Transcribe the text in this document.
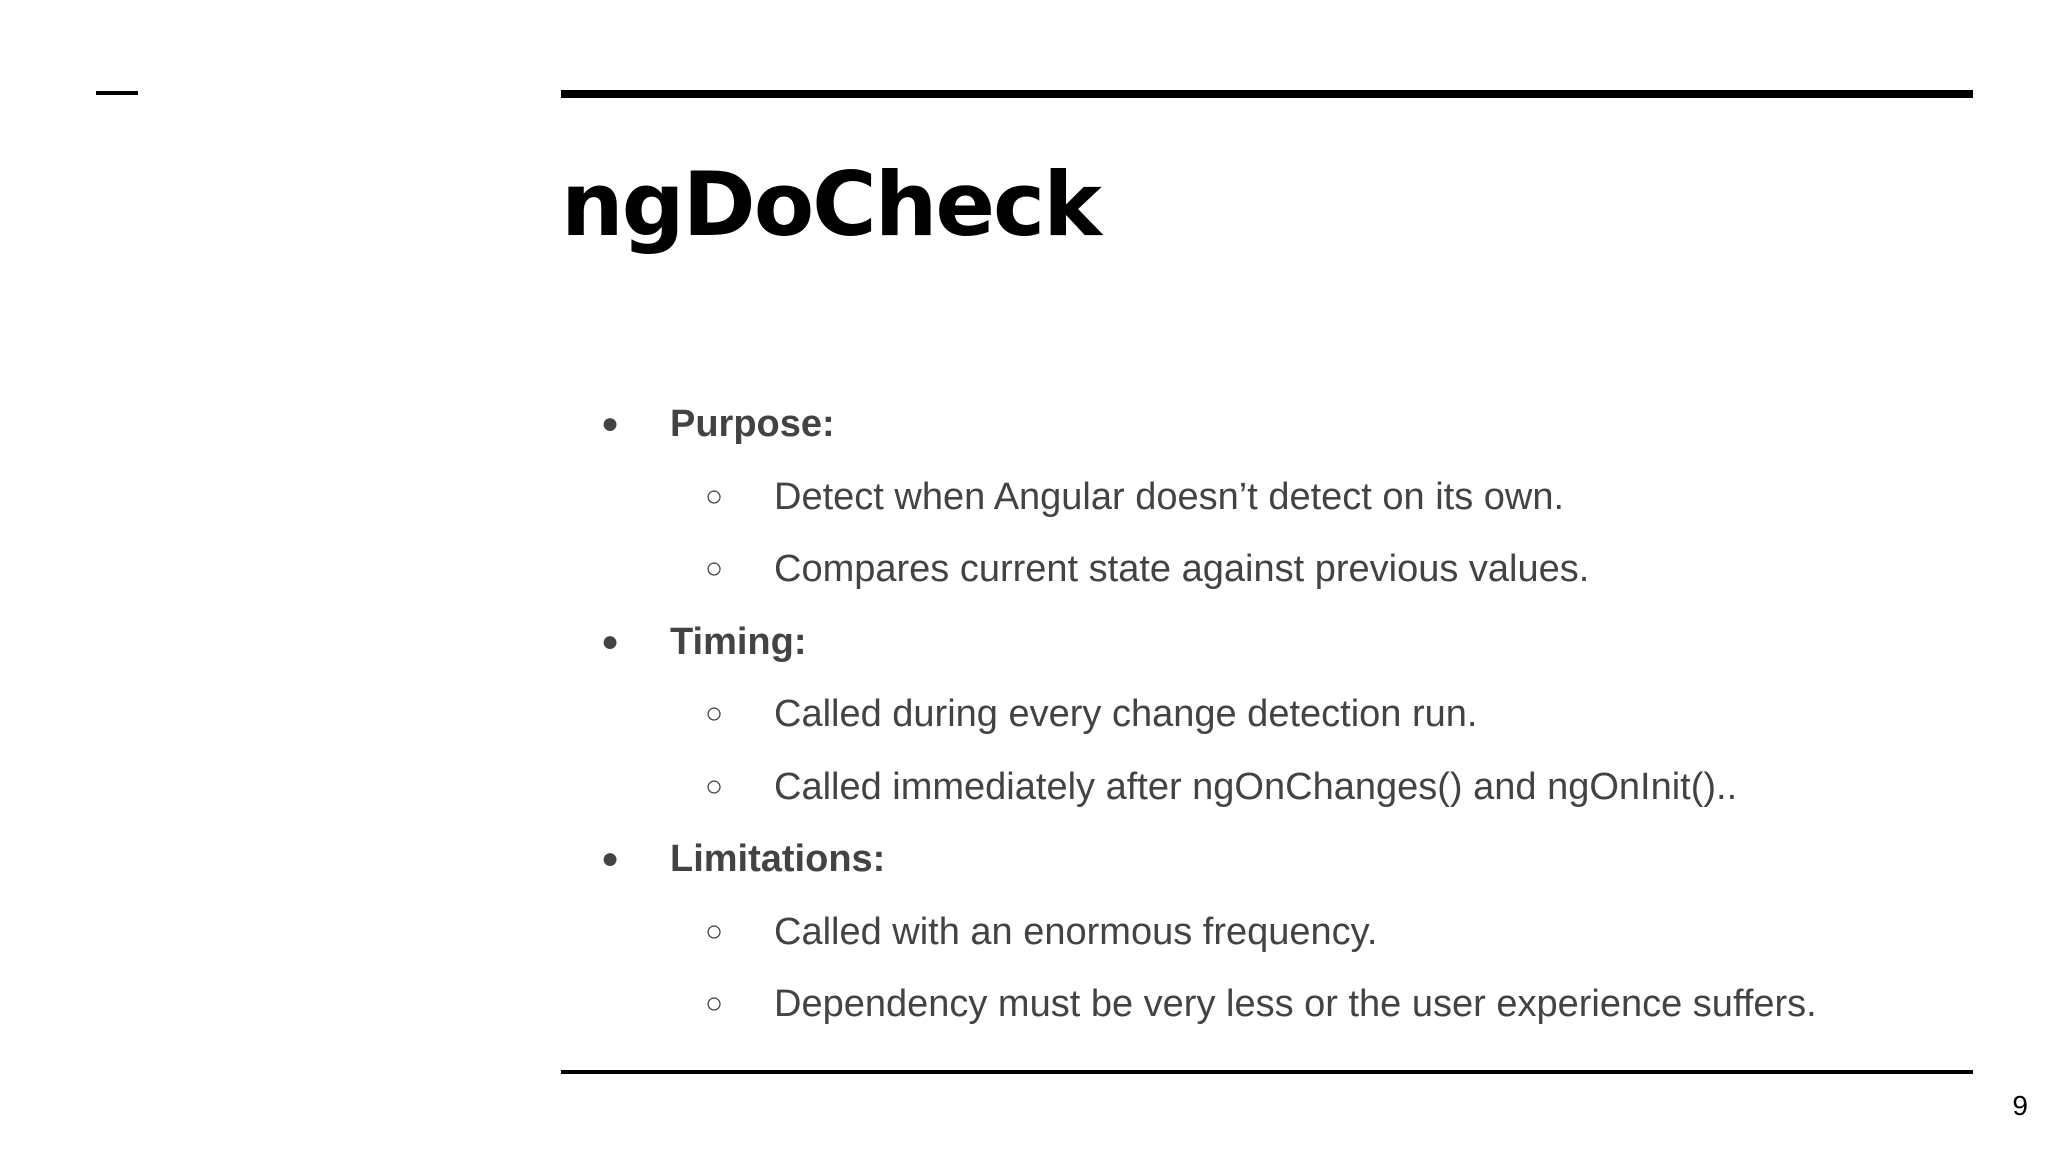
ngDoCheck
● Purpose:
○ Detect when Angular doesn’t detect on its own.
○ Compares current state against previous values.
● Timing:
○ Called during every change detection run.
○ Called immediately after ngOnChanges() and ngOnInit()..
● Limitations:
○ Called with an enormous frequency.
○ Dependency must be very less or the user experience suffers.
9
